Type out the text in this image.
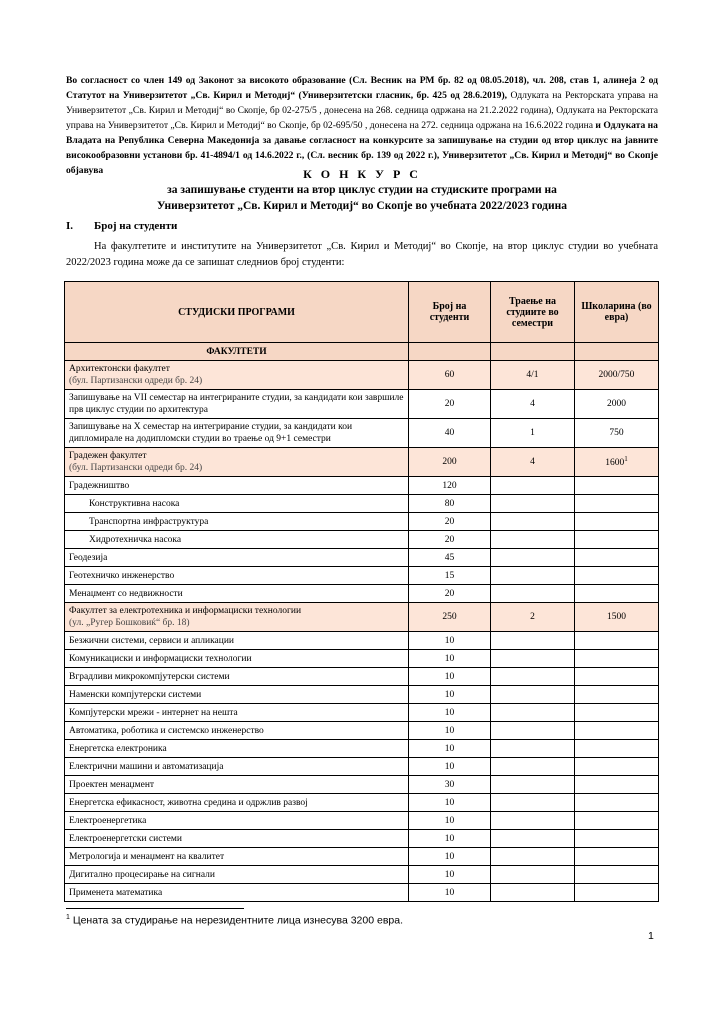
Во согласност со член 149 од Законот за високото образование (Сл. Весник на РМ бр. 82 од 08.05.2018), чл. 208, став 1, алинеја 2 од Статутот на Универзитетот „Св. Кирил и Методиј“ (Универзитетски гласник, бр. 425 од 28.6.2019), Одлуката на Ректорската управа на Универзитетот „Св. Кирил и Методиј“ во Скопје, бр 02-275/5 , донесена на 268. седница одржана на 21.2.2022 година), Одлуката на Ректорската управа на Универзитетот „Св. Кирил и Методиј“ во Скопје, бр 02-695/50 , донесена на 272. седница одржана на 16.6.2022 година и Одлуката на Владата на Република Северна Македонија за давање согласност на конкурсите за запишување на студии од втор циклус на јавните високообразовни установи бр. 41-4894/1 од 14.6.2022 г., (Сл. весник бр. 139 од 2022 г.), Универзитетот „Св. Кирил и Методиј“ во Скопје објавува	К О Н К У Р С
за запишување студенти на втор циклус студии на студиските програми на
Универзитетот „Св. Кирил и Методиј“ во Скопје во учебната 2022/2023 година
I. Број на студенти
На факултетите и институтите на Универзитетот „Св. Кирил и Методиј“ во Скопје, на втор циклус студии во учебната 2022/2023 година може да се запишат следниов број студенти:
СТУДИСКИ ПРОГРАМИ	Број на студенти	Траење на студиите во семестри	Школарина (во евра)
ФАКУЛТЕТИ			
Архитектонски факултет
(бул. Партизански одреди бр. 24)	60	4/1	2000/750
Запишување на VII семестар на интегрираните студии, за кандидати кои завршиле прв циклус студии по архитектура	20	4	2000
Запишување на X семестар на интегрирание студии, за кандидати кои дипломирале на додипломски студии во траење од 9+1 семестри	40	1	750
Градежен факултет
(бул. Партизански одреди бр. 24)	200	4	1600$^1$
Градежништво	120		
Конструктивна насока	80		
Транспортна инфраструктура	20		
Хидротехничка насока	20		
Геодезија	45		
Геотехничко инженерство	15		
Менаџмент со недвижности	20		
Факултет за електротехника и информациски технологии
(ул. „Ругер Бошковиќ“ бр. 18)	250	2	1500
Безжични системи, сервиси и апликации	10		
Комуникациски и информациски технологии	10		
Вградливи микрокомпјутерски системи	10		
Наменски компјутерски системи	10		
Компјутерски мрежи - интернет на нешта	10		
Автоматика, роботика и системско инженерство	10		
Енергетска електроника	10		
Електрични машини и автоматизација	10		
Проектен менаџмент	30		
Енергетска ефикасност, животна средина и одржлив развој	10		
Електроенергетика	10		
Електроенергетски системи	10		
Метрологија и менаџмент на квалитет	10		
Дигитално процесирање на сигнали	10		
Применета математика	10		
$^1$ Цената за студирање на нерезидентните лица изнесува 3200 евра.
1
